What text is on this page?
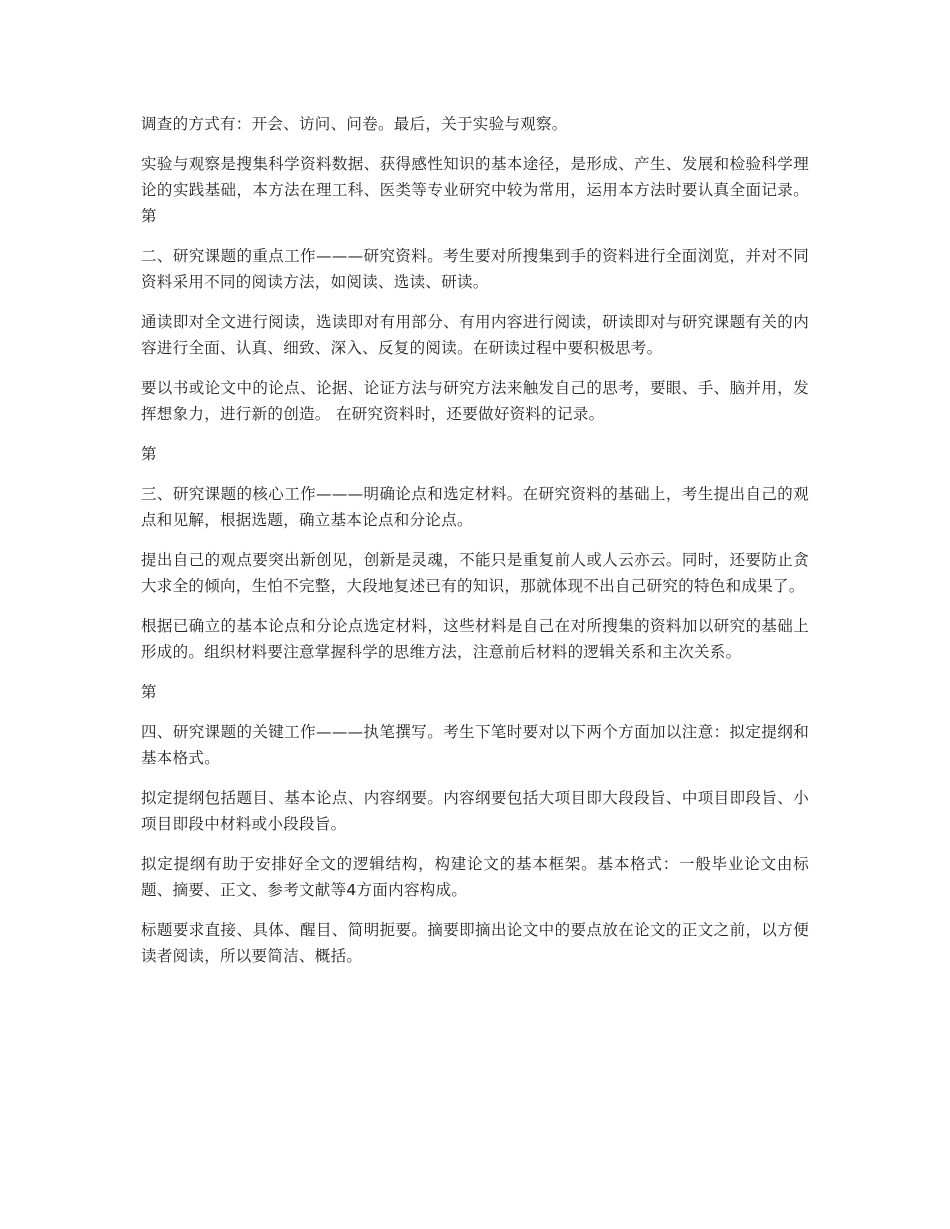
调查的方式有：开会、访问、问卷。最后，关于实验与观察。

实验与观察是搜集科学资料数据、获得感性知识的基本途径，是形成、产生、发展和检验科学理论的实践基础，本方法在理工科、医类等专业研究中较为常用，运用本方法时要认真全面记录。 第

二、研究课题的重点工作———研究资料。考生要对所搜集到手的资料进行全面浏览，并对不同资料采用不同的阅读方法，如阅读、选读、研读。

通读即对全文进行阅读，选读即对有用部分、有用内容进行阅读，研读即对与研究课题有关的内容进行全面、认真、细致、深入、反复的阅读。在研读过程中要积极思考。

要以书或论文中的论点、论据、论证方法与研究方法来触发自己的思考，要眼、手、脑并用，发挥想象力，进行新的创造。 在研究资料时，还要做好资料的记录。

第

三、研究课题的核心工作———明确论点和选定材料。在研究资料的基础上，考生提出自己的观点和见解，根据选题，确立基本论点和分论点。

提出自己的观点要突出新创见，创新是灵魂，不能只是重复前人或人云亦云。同时，还要防止贪大求全的倾向，生怕不完整，大段地复述已有的知识，那就体现不出自己研究的特色和成果了。

根据已确立的基本论点和分论点选定材料，这些材料是自己在对所搜集的资料加以研究的基础上形成的。组织材料要注意掌握科学的思维方法，注意前后材料的逻辑关系和主次关系。

第

四、研究课题的关键工作———执笔撰写。考生下笔时要对以下两个方面加以注意：拟定提纲和基本格式。

拟定提纲包括题目、基本论点、内容纲要。内容纲要包括大项目即大段段旨、中项目即段旨、小项目即段中材料或小段段旨。

拟定提纲有助于安排好全文的逻辑结构，构建论文的基本框架。基本格式：一般毕业论文由标题、摘要、正文、参考文献等4方面内容构成。

标题要求直接、具体、醒目、简明扼要。摘要即摘出论文中的要点放在论文的正文之前，以方便读者阅读，所以要简洁、概括。
